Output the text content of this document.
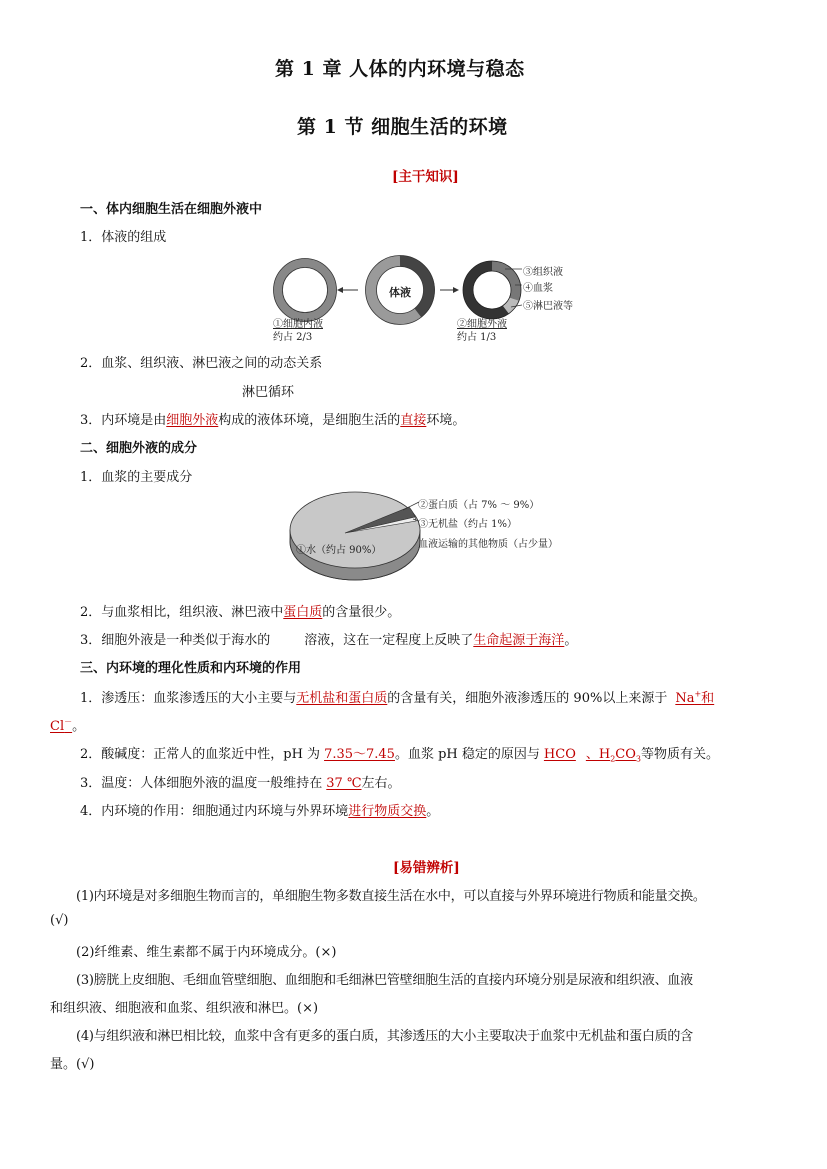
第 1 章 人体的内环境与稳态
第 1 节 细胞生活的环境
[主干知识]
一、体内细胞生活在细胞外液中
1．体液的组成
体液
③组织液
④血浆
⑤淋巴液等
①细胞内液
约占 2/3
②细胞外液
约占 1/3
2．血浆、组织液、淋巴液之间的动态关系
淋巴循环
3．内环境是由细胞外液构成的液体环境，是细胞生活的直接环境。
二、细胞外液的成分
1．血浆的主要成分
①水（约占 90%）
②蛋白质（占 7% ～ 9%）
③无机盐（约占 1%）
血液运输的其他物质（占少量）
2．与血浆相比，组织液、淋巴液中蛋白质的含量很少。
3．细胞外液是一种类似于海水的	溶液，这在一定程度上反映了生命起源于海洋。
三、内环境的理化性质和内环境的作用
1．渗透压：血浆渗透压的大小主要与无机盐和蛋白质的含量有关，细胞外液渗透压的 90%以上来源于 Na+和
Cl－。
2．酸碱度：正常人的血浆近中性，pH 为 7.35～7.45。血浆 pH 稳定的原因与 HCO 、$H_2CO_3$等物质有关。
3．温度：人体细胞外液的温度一般维持在 37 ℃左右。
4．内环境的作用：细胞通过内环境与外界环境进行物质交换。
[易错辨析]
(1)内环境是对多细胞生物而言的，单细胞生物多数直接生活在水中，可以直接与外界环境进行物质和能量交换。
(√)
(2)纤维素、维生素都不属于内环境成分。(×)
(3)膀胱上皮细胞、毛细血管壁细胞、血细胞和毛细淋巴管壁细胞生活的直接内环境分别是尿液和组织液、血液
和组织液、细胞液和血浆、组织液和淋巴。(×)
(4)与组织液和淋巴相比较，血浆中含有更多的蛋白质，其渗透压的大小主要取决于血浆中无机盐和蛋白质的含
量。(√)
